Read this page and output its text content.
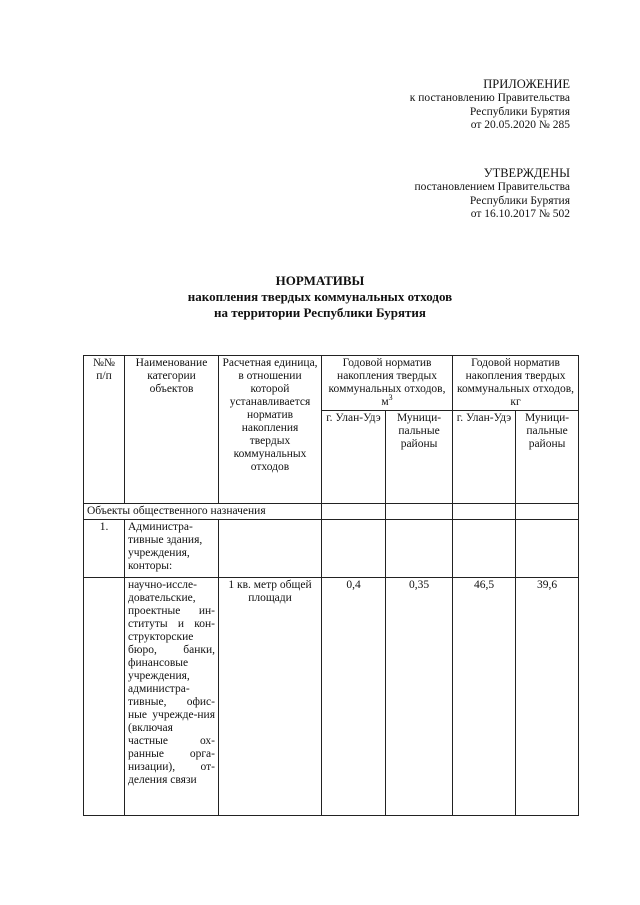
ПРИЛОЖЕНИЕ
к постановлению Правительства
Республики Бурятия
от 20.05.2020 № 285
УТВЕРЖДЕНЫ
постановлением Правительства
Республики Бурятия
от 16.10.2017 № 502
НОРМАТИВЫ
накопления твердых коммунальных отходов
на территории Республики Бурятия
№№ п/п	Наименование категории объектов	Расчетная единица, в отношении которой устанавливается норматив накопления твердых коммунальных отходов	Годовой норматив накопления твердых коммунальных отходов, $м^3$		Годовой норматив накопления твердых коммунальных отходов, кг	
			г. Улан-Удэ	Муници-пальные районы	г. Улан-Удэ	Муници-пальные районы
Объекты общественного назначения						
1.	Администра-тивные здания, учреждения, конторы:					
	научно-иссле-довательские, проектные ин-ституты и кон-структорские бюро, банки, финансовые учреждения, администра-тивные, офис-ные учрежде-ния (включая частные ох-ранные орга-низации), от-деления связи	1 кв. метр общей площади	0,4	0,35	46,5	39,6
